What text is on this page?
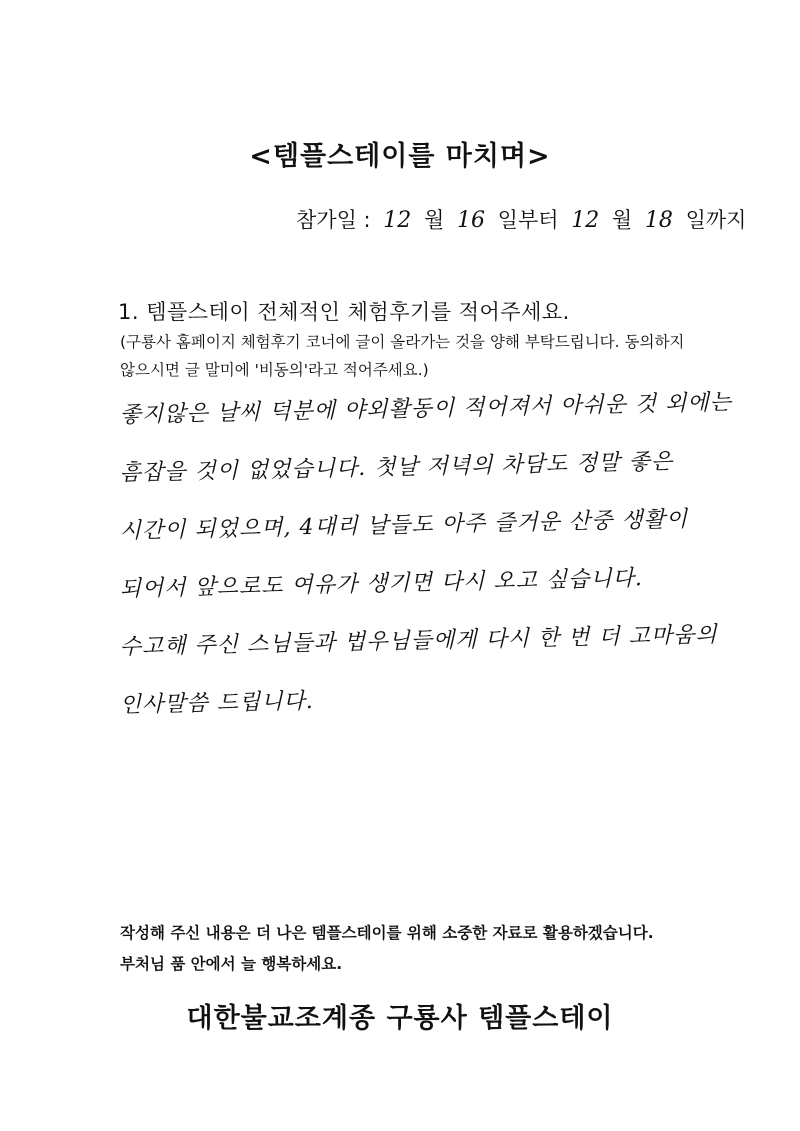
<템플스테이를 마치며>
참가일 : 12 월 16 일부터 12 월 18 일까지
1. 템플스테이 전체적인 체험후기를 적어주세요.
(구룡사 홈페이지 체험후기 코너에 글이 올라가는 것을 양해 부탁드립니다. 동의하지 않으시면 글 말미에 '비동의'라고 적어주세요.)
좋지않은 날씨 덕분에 야외활동이 적어져서 아쉬운 것 외에는
흠잡을 것이 없었습니다. 첫날 저녁의 차담도 정말 좋은
시간이 되었으며, 4대리 날들도 아주 즐거운 산중 생활이
되어서 앞으로도 여유가 생기면 다시 오고 싶습니다.
수고해 주신 스님들과 법우님들에게 다시 한 번 더 고마움의
인사말씀 드립니다.
작성해 주신 내용은 더 나은 템플스테이를 위해 소중한 자료로 활용하겠습니다.
부처님 품 안에서 늘 행복하세요.
대한불교조계종 구룡사 템플스테이
